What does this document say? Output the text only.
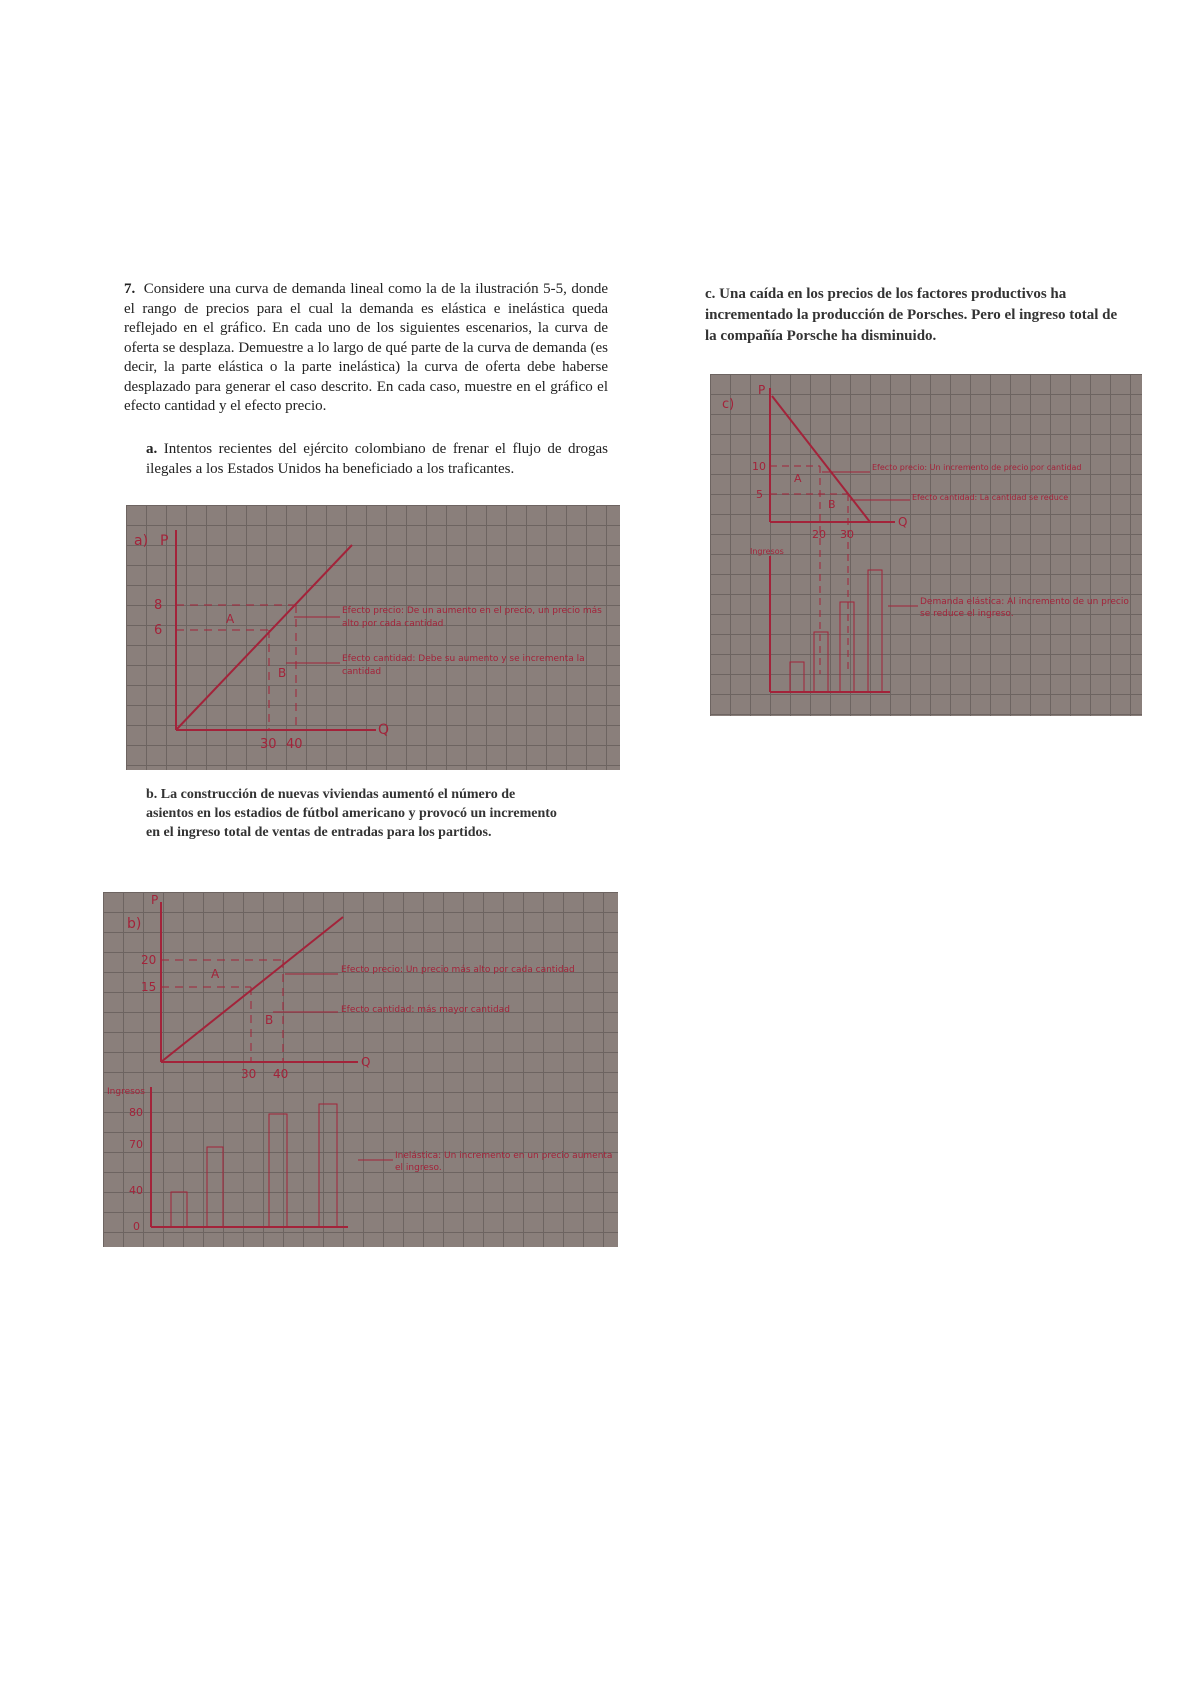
7. Considere una curva de demanda lineal como la de la ilustración 5-5, donde el rango de precios para el cual la demanda es elástica e inelástica queda reflejado en el gráfico. En cada uno de los siguientes escenarios, la curva de oferta se desplaza. Demuestre a lo largo de qué parte de la curva de demanda (es decir, la parte elástica o la parte inelástica) la curva de oferta debe haberse desplazado para generar el caso descrito. En cada caso, muestre en el gráfico el efecto cantidad y el efecto precio.
a. Intentos recientes del ejército colombiano de frenar el flujo de drogas ilegales a los Estados Unidos ha beneficiado a los traficantes.
a) P
Q
8
6
30 40
A
B
Efecto precio: De un aumento en el precio, un precio más alto por cada cantidad
Efecto cantidad: Debe su aumento y se incrementa la cantidad
b. La construcción de nuevas viviendas aumentó el número de asientos en los estadios de fútbol americano y provocó un incremento en el ingreso total de ventas de entradas para los partidos.
b)
P
Q
20
15
30 40
A
B
Efecto precio: Un precio más alto por cada cantidad
Efecto cantidad: más mayor cantidad
Ingresos
80
70
40
0
Inelástica: Un incremento en un precio aumenta el ingreso.
c. Una caída en los precios de los factores productivos ha incrementado la producción de Porsches. Pero el ingreso total de la compañía Porsche ha disminuido.
c)
P
Q
10
5
20 30
A
B
Efecto precio: Un incremento de precio por cantidad
Efecto cantidad: La cantidad se reduce
Ingresos
Demanda elástica: Al incremento de un precio se reduce el ingreso.
